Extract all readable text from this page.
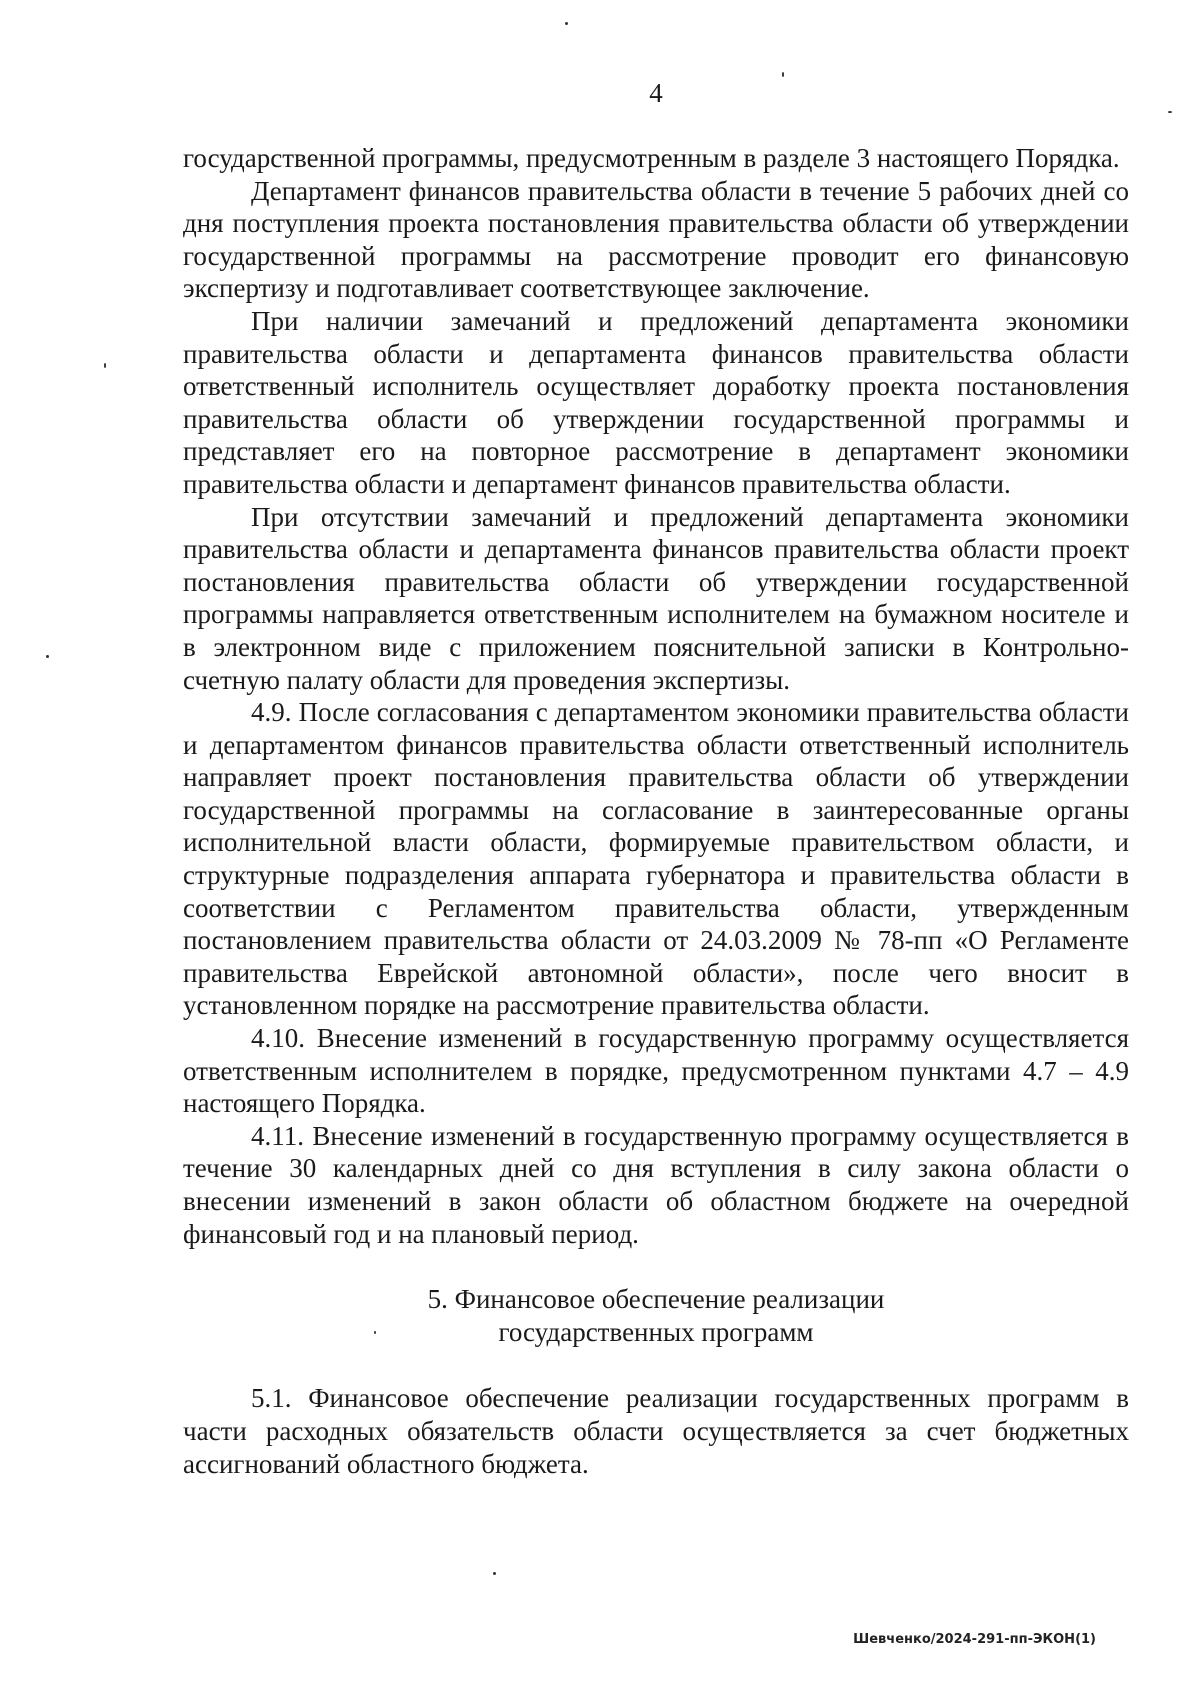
4

государственной программы, предусмотренным в разделе 3 настоящего Порядка.

Департамент финансов правительства области в течение 5 рабочих дней со дня поступления проекта постановления правительства области об утверждении государственной программы на рассмотрение проводит его финансовую экспертизу и подготавливает соответствующее заключение.

При наличии замечаний и предложений департамента экономики правительства области и департамента финансов правительства области ответственный исполнитель осуществляет доработку проекта постановления правительства области об утверждении государственной программы и представляет его на повторное рассмотрение в департамент экономики правительства области и департамент финансов правительства области.

При отсутствии замечаний и предложений департамента экономики правительства области и департамента финансов правительства области проект постановления правительства области об утверждении государственной программы направляется ответственным исполнителем на бумажном носителе и в электронном виде с приложением пояснительной записки в Контрольно-счетную палату области для проведения экспертизы.

4.9. После согласования с департаментом экономики правительства области и департаментом финансов правительства области ответственный исполнитель направляет проект постановления правительства области об утверждении государственной программы на согласование в заинтересованные органы исполнительной власти области, формируемые правительством области, и структурные подразделения аппарата губернатора и правительства области в соответствии с Регламентом правительства области, утвержденным постановлением правительства области от 24.03.2009 № 78-пп «О Регламенте правительства Еврейской автономной области», после чего вносит в установленном порядке на рассмотрение правительства области.

4.10. Внесение изменений в государственную программу осуществляется ответственным исполнителем в порядке, предусмотренном пунктами 4.7 – 4.9 настоящего Порядка.

4.11. Внесение изменений в государственную программу осуществляется в течение 30 календарных дней со дня вступления в силу закона области о внесении изменений в закон области об областном бюджете на очередной финансовый год и на плановый период.

5. Финансовое обеспечение реализации
государственных программ

5.1. Финансовое обеспечение реализации государственных программ в части расходных обязательств области осуществляется за счет бюджетных ассигнований областного бюджета.

Шевченко/2024-291-пп-ЭКОН(1)
